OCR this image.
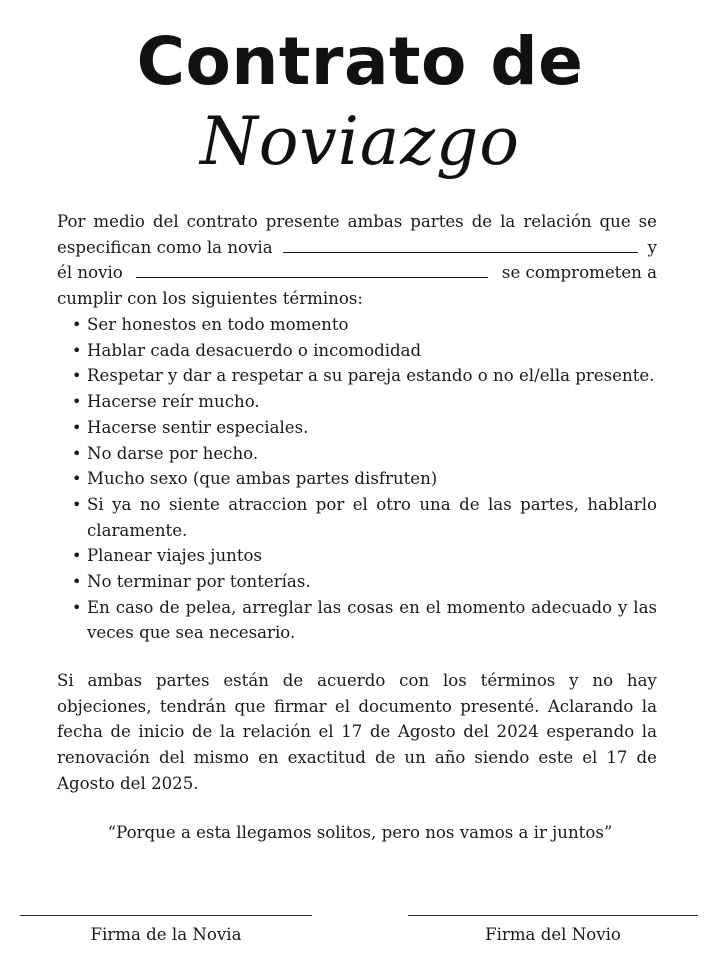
Contrato de
Noviazgo
Por medio del contrato presente ambas partes de la relación que se
especifican como la novia	y
él novio	se comprometen a
cumplir con los siguientes términos:
• Ser honestos en todo momento
• Hablar cada desacuerdo o incomodidad
• Respetar y dar a respetar a su pareja estando o no el/ella presente.
• Hacerse reír mucho.
• Hacerse sentir especiales.
• No darse por hecho.
• Mucho sexo (que ambas partes disfruten)
• Si ya no siente atraccion por el otro una de las partes, hablarlo claramente.
• Planear viajes juntos
• No terminar por tonterías.
• En caso de pelea, arreglar las cosas en el momento adecuado y las veces que sea necesario.
Si ambas partes están de acuerdo con los términos y no hay
objeciones, tendrán que firmar el documento presenté. Aclarando la
fecha de inicio de la relación el 17 de Agosto del 2024 esperando la
renovación del mismo en exactitud de un año siendo este el 17 de
Agosto del 2025.
“Porque a esta llegamos solitos, pero nos vamos a ir juntos”
Firma de la Novia	Firma del Novio
